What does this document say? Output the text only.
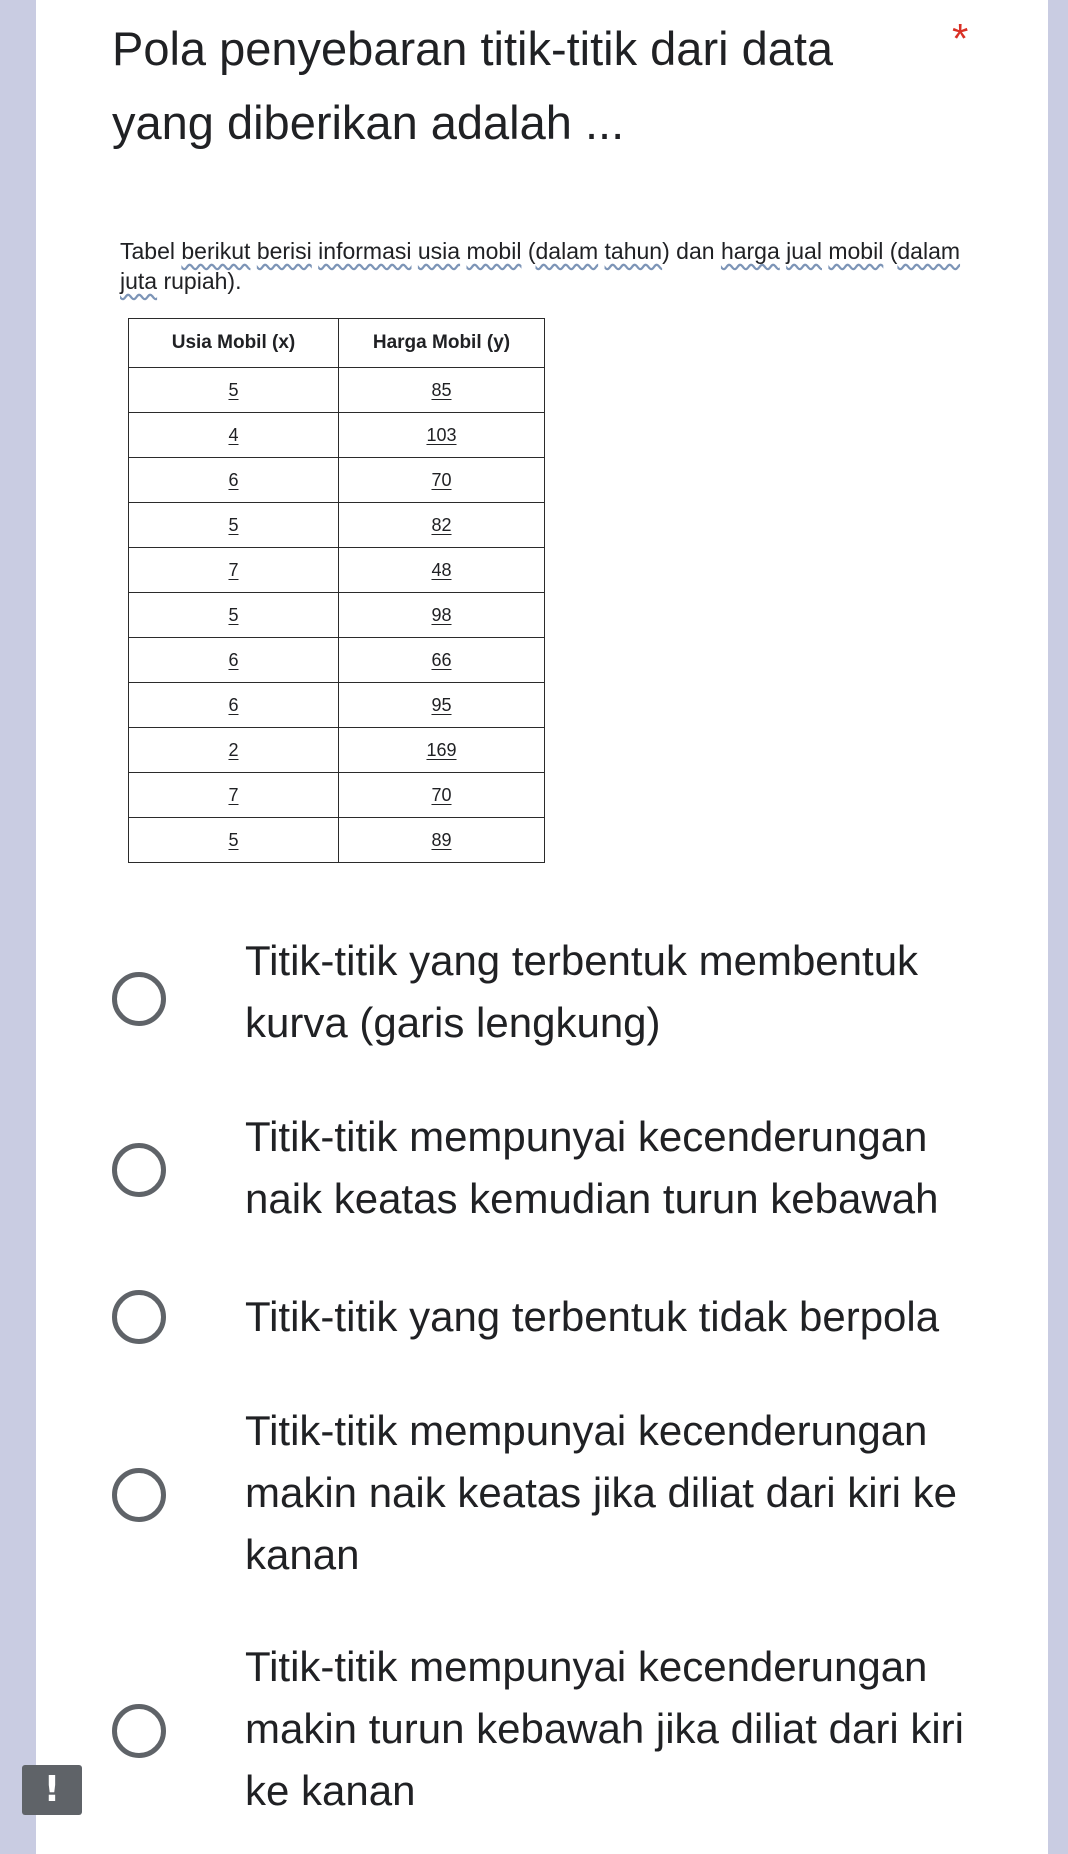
Pola penyebaran titik-titik dari data yang diberikan adalah ...
*
Tabel berikut berisi informasi usia mobil (dalam tahun) dan harga jual mobil (dalam juta rupiah).
Usia Mobil (x)	Harga Mobil (y)
5	85
4	103
6	70
5	82
7	48
5	98
6	66
6	95
2	169
7	70
5	89
Titik-titik yang terbentuk membentuk kurva (garis lengkung)
Titik-titik mempunyai kecenderungan naik keatas kemudian turun kebawah
Titik-titik yang terbentuk tidak berpola
Titik-titik mempunyai kecenderungan makin naik keatas jika diliat dari kiri ke kanan
Titik-titik mempunyai kecenderungan makin turun kebawah jika diliat dari kiri ke kanan
!
